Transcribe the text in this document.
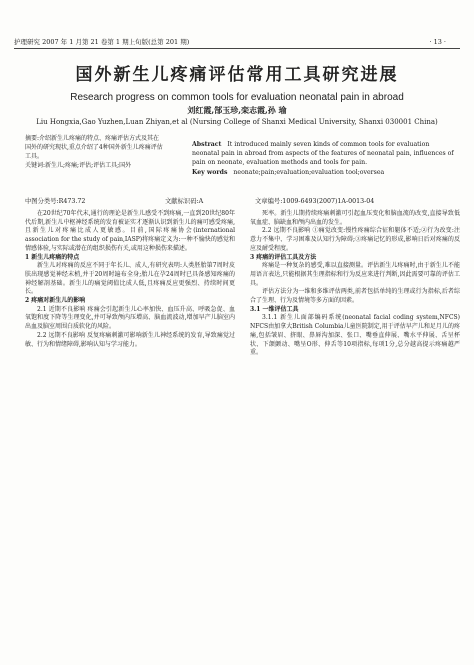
护理研究 2007 年 1 月第 21 卷第 1 期上旬版(总第 201 期)	· 13 ·
国外新生儿疼痛评估常用工具研究进展
Research progress on common tools for evaluation neonatal pain in abroad
刘红霞,郜玉珍,栾志霞,孙 瑜
Liu Hongxia,Gao Yuzhen,Luan Zhiyan,et al (Nursing College of Shanxi Medical University, Shanxi 030001 China)
摘要:介绍新生儿疼痛的特点、疼痛评估方式及其在国外的研究现状,重点介绍了4种国外新生儿疼痛评估工具。
关键词:新生儿;疼痛;评估;评估工具;国外
Abstract It introduced mainly seven kinds of common tools for evaluation neonatal pain in abroad from aspects of the features of neonatal pain, influences of pain on neonate, evaluation methods and tools for pain.
Key words neonate;pain;evaluation;evaluation tool;oversea
中图分类号:R473.72	文献标识码:A	文章编号:1009-6493(2007)1A-0013-04

在20世纪70年代末,通行的理论是新生儿感受不到疼痛,一直到20世纪80年代后期,新生儿中枢神经系统的发育被证实才逐渐认识到新生儿的痛可感受疼痛,且新生儿对疼痛比成人更敏感。目前,国际疼痛协会(international association for the study of pain,IASP)将疼痛定义为:一种不愉快的感觉和情感体验,与实际或潜在的组织损伤有关,或用这种损伤来描述。

1 新生儿疼痛的特点

新生儿对疼痛的反应不同于年长儿、成人,有研究表明:人类胚胎第7周时皮肤出现感觉神经末梢,并于20周时遍布全身;胎儿在孕24周时已具备感知疼痛的神经解剖基础。新生儿的痛觉阈值比成人低,且疼痛反应更强烈、持续时间更长。

2 疼痛对新生儿的影响

2.1 近期不良影响 疼痛会引起新生儿心率加快、血压升高、呼吸急促、血氧饱和度下降等生理变化,并可导致颅内压增高、脑血流波动,增加早产儿脑室内出血及脑室周围白质软化的风险。

2.2 远期不良影响 反复疼痛刺激可影响新生儿神经系统的发育,导致痛觉过敏、行为和情绪障碍,影响认知与学习能力。

死率。新生儿期持续疼痛刺激可引起血压变化和脑血流的改变,直接导致低氧血症、脑缺血和颅内出血的发生。

2.2 远期不良影响 ①痛觉改变:慢性疼痛综合征和躯体不适;②行为改变:注意力不集中、学习困难及认知行为障碍;③疼痛记忆的形成,影响日后对疼痛的反应及耐受程度。

3 疼痛的评估工具及方法

疼痛是一种复杂的感受,难以直接测量。评估新生儿疼痛时,由于新生儿不能用语言表达,只能根据其生理指标和行为反应来进行判断,因此需要可靠的评估工具。

评估方法分为一维和多维评估两类,前者包括单纯的生理或行为指标,后者综合了生理、行为及情境等多方面的因素。

3.1 一维评估工具

3.1.1 新生儿面部编码系统(neonatal facial coding system,NFCS) NFCS由加拿大British Columbia儿童医院制定,用于评估早产儿和足月儿的疼痛,包括皱眉、挤眼、鼻唇沟加深、张口、嘴垂直伸展、嘴水平伸展、舌呈杯状、下颌颤动、嘴呈O形、伸舌等10项指标,每项1分,总分越高提示疼痛越严重。
